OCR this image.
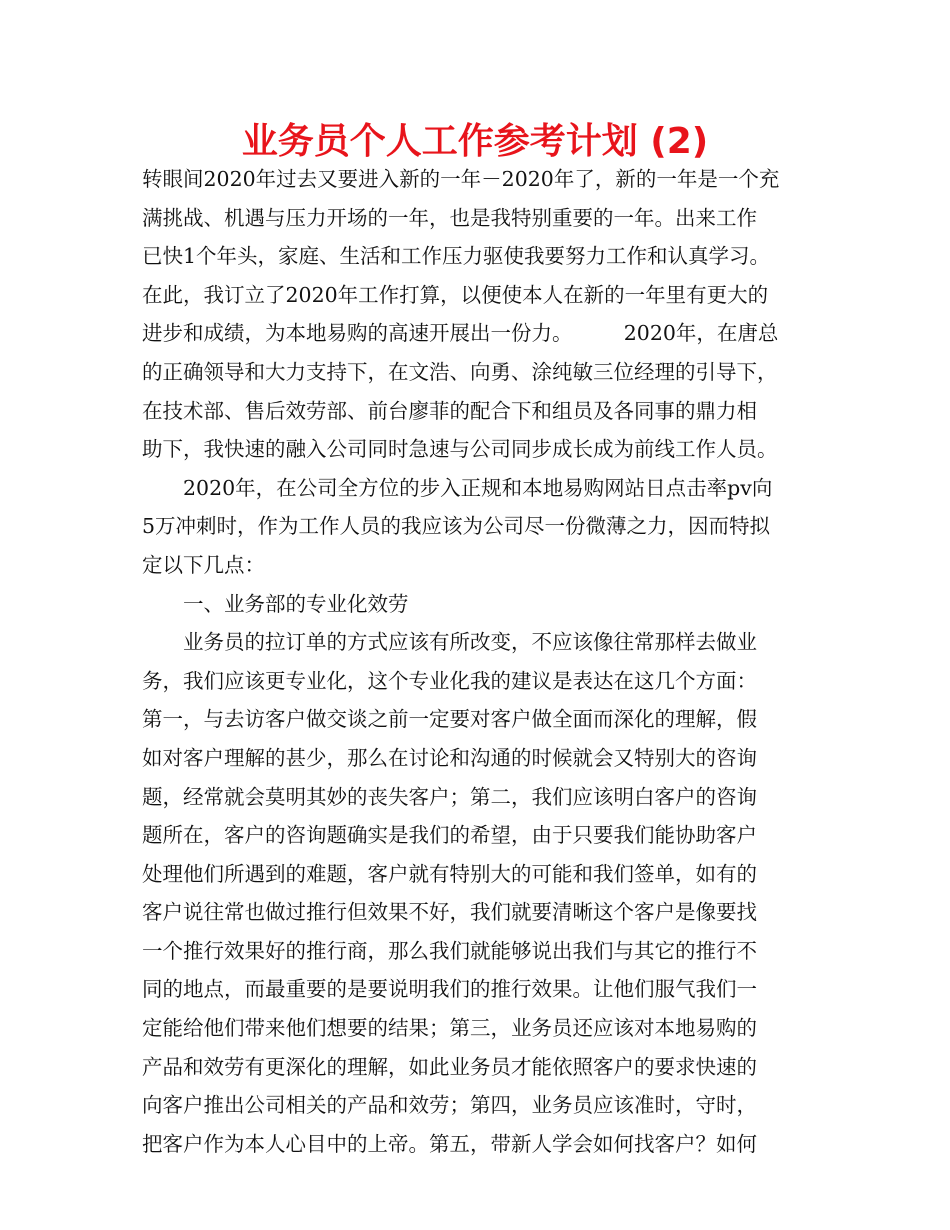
业务员个人工作参考计划 (2)
转眼间2020年过去又要进入新的一年－2020年了，新的一年是一个充
满挑战、机遇与压力开场的一年，也是我特别重要的一年。出来工作
已快1个年头，家庭、生活和工作压力驱使我要努力工作和认真学习。
在此，我订立了2020年工作打算，以便使本人在新的一年里有更大的
进步和成绩，为本地易购的高速开展出一份力。　　　2020年，在唐总
的正确领导和大力支持下，在文浩、向勇、涂纯敏三位经理的引导下，
在技术部、售后效劳部、前台廖菲的配合下和组员及各同事的鼎力相
助下，我快速的融入公司同时急速与公司同步成长成为前线工作人员。
2020年，在公司全方位的步入正规和本地易购网站日点击率pv向
5万冲刺时，作为工作人员的我应该为公司尽一份微薄之力，因而特拟
定以下几点：
一、业务部的专业化效劳
业务员的拉订单的方式应该有所改变，不应该像往常那样去做业
务，我们应该更专业化，这个专业化我的建议是表达在这几个方面：
第一，与去访客户做交谈之前一定要对客户做全面而深化的理解，假
如对客户理解的甚少，那么在讨论和沟通的时候就会又特别大的咨询
题，经常就会莫明其妙的丧失客户；第二，我们应该明白客户的咨询
题所在，客户的咨询题确实是我们的希望，由于只要我们能协助客户
处理他们所遇到的难题，客户就有特别大的可能和我们签单，如有的
客户说往常也做过推行但效果不好，我们就要清晰这个客户是像要找
一个推行效果好的推行商，那么我们就能够说出我们与其它的推行不
同的地点，而最重要的是要说明我们的推行效果。让他们服气我们一
定能给他们带来他们想要的结果；第三，业务员还应该对本地易购的
产品和效劳有更深化的理解，如此业务员才能依照客户的要求快速的
向客户推出公司相关的产品和效劳；第四，业务员应该准时，守时，
把客户作为本人心目中的上帝。第五，带新人学会如何找客户？如何
